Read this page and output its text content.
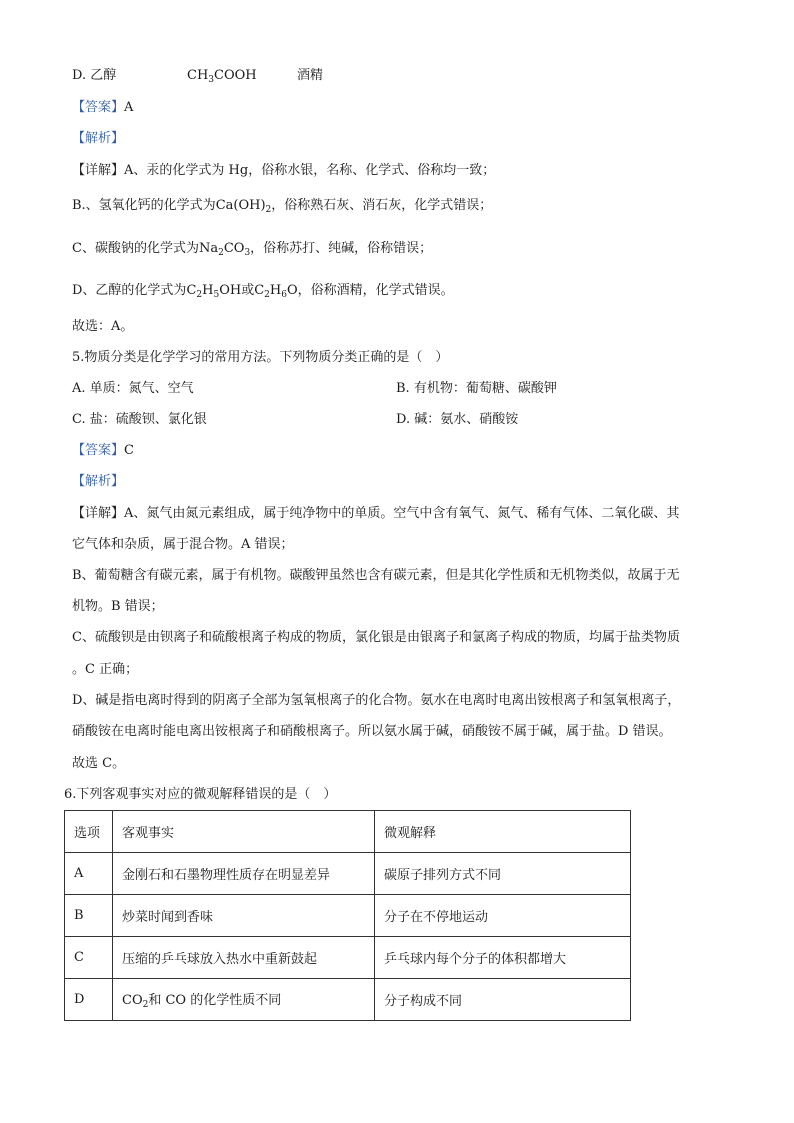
D. 乙醇	$CH_3COOH$	酒精
【答案】A
【解析】
【详解】A、汞的化学式为 Hg，俗称水银，名称、化学式、俗称均一致；
B.、氢氧化钙的化学式为$Ca(OH)_2$，俗称熟石灰、消石灰，化学式错误；
C、碳酸钠的化学式为$Na_2CO_3$，俗称苏打、纯碱，俗称错误；
D、乙醇的化学式为$C_2H_5OH$或$C_2H_6O$，俗称酒精，化学式错误。
故选：A。
5.物质分类是化学学习的常用方法。下列物质分类正确的是（　）
A. 单质：氮气、空气	B. 有机物：葡萄糖、碳酸钾
C. 盐：硫酸钡、氯化银	D. 碱：氨水、硝酸铵
【答案】C
【解析】
【详解】A、氮气由氮元素组成，属于纯净物中的单质。空气中含有氧气、氮气、稀有气体、二氧化碳、其
它气体和杂质，属于混合物。A 错误；
B、葡萄糖含有碳元素，属于有机物。碳酸钾虽然也含有碳元素，但是其化学性质和无机物类似，故属于无
机物。B 错误；
C、硫酸钡是由钡离子和硫酸根离子构成的物质，氯化银是由银离子和氯离子构成的物质，均属于盐类物质
。C 正确；
D、碱是指电离时得到的阴离子全部为氢氧根离子的化合物。氨水在电离时电离出铵根离子和氢氧根离子，
硝酸铵在电离时能电离出铵根离子和硝酸根离子。所以氨水属于碱，硝酸铵不属于碱，属于盐。D 错误。
故选 C。
6.下列客观事实对应的微观解释错误的是（　）
选项	客观事实	微观解释
A	金刚石和石墨物理性质存在明显差异	碳原子排列方式不同
B	炒菜时闻到香味	分子在不停地运动
C	压缩的乒乓球放入热水中重新鼓起	乒乓球内每个分子的体积都增大
D	$CO_2$和 CO 的化学性质不同	分子构成不同
